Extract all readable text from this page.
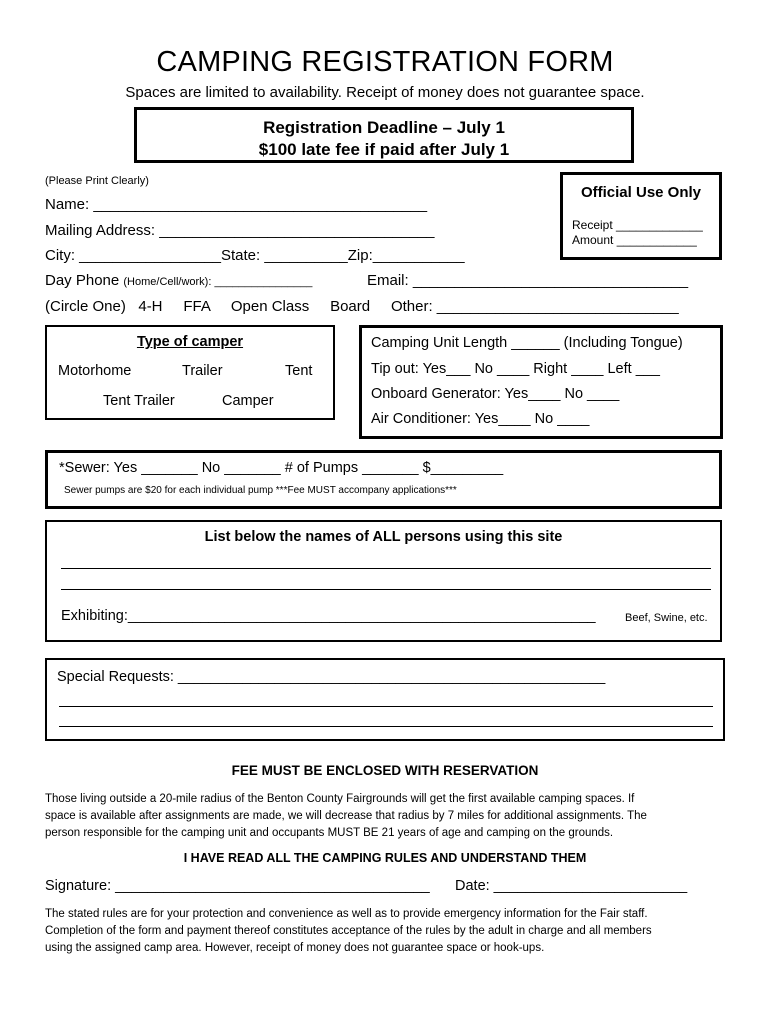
CAMPING REGISTRATION FORM
Spaces are limited to availability. Receipt of money does not guarantee space.
Registration Deadline – July 1
$100 late fee if paid after July 1
(Please Print Clearly)
Official Use Only
Receipt _____________
Amount ____________
Name: ________________________________________
Mailing Address: _________________________________
City: _________________State: __________Zip:___________
Day Phone (Home/Cell/work): ________________	Email: _________________________________
(Circle One)   4-H     FFA     Open Class     Board     Other: _____________________________
Type of camper
Motorhome	Trailer	Tent
Tent Trailer	Camper
Camping Unit Length ______ (Including Tongue)
Tip out: Yes___ No ____ Right ____ Left ___
Onboard Generator: Yes____ No ____
Air Conditioner: Yes____ No ____
*Sewer: Yes _______ No _______ # of Pumps _______ $_________
Sewer pumps are $20 for each individual pump ***Fee MUST accompany applications***
List below the names of ALL persons using this site
Exhibiting:__________________________________________________________	Beef, Swine, etc.
Special Requests: _____________________________________________________
FEE MUST BE ENCLOSED WITH RESERVATION
Those living outside a 20-mile radius of the Benton County Fairgrounds will get the first available camping spaces. If
space is available after assignments are made, we will decrease that radius by 7 miles for additional assignments. The
person responsible for the camping unit and occupants MUST BE 21 years of age and camping on the grounds.
I HAVE READ ALL THE CAMPING RULES AND UNDERSTAND THEM
Signature: _______________________________________ Date: ________________________
The stated rules are for your protection and convenience as well as to provide emergency information for the Fair staff.
Completion of the form and payment thereof constitutes acceptance of the rules by the adult in charge and all members
using the assigned camp area. However, receipt of money does not guarantee space or hook-ups.
